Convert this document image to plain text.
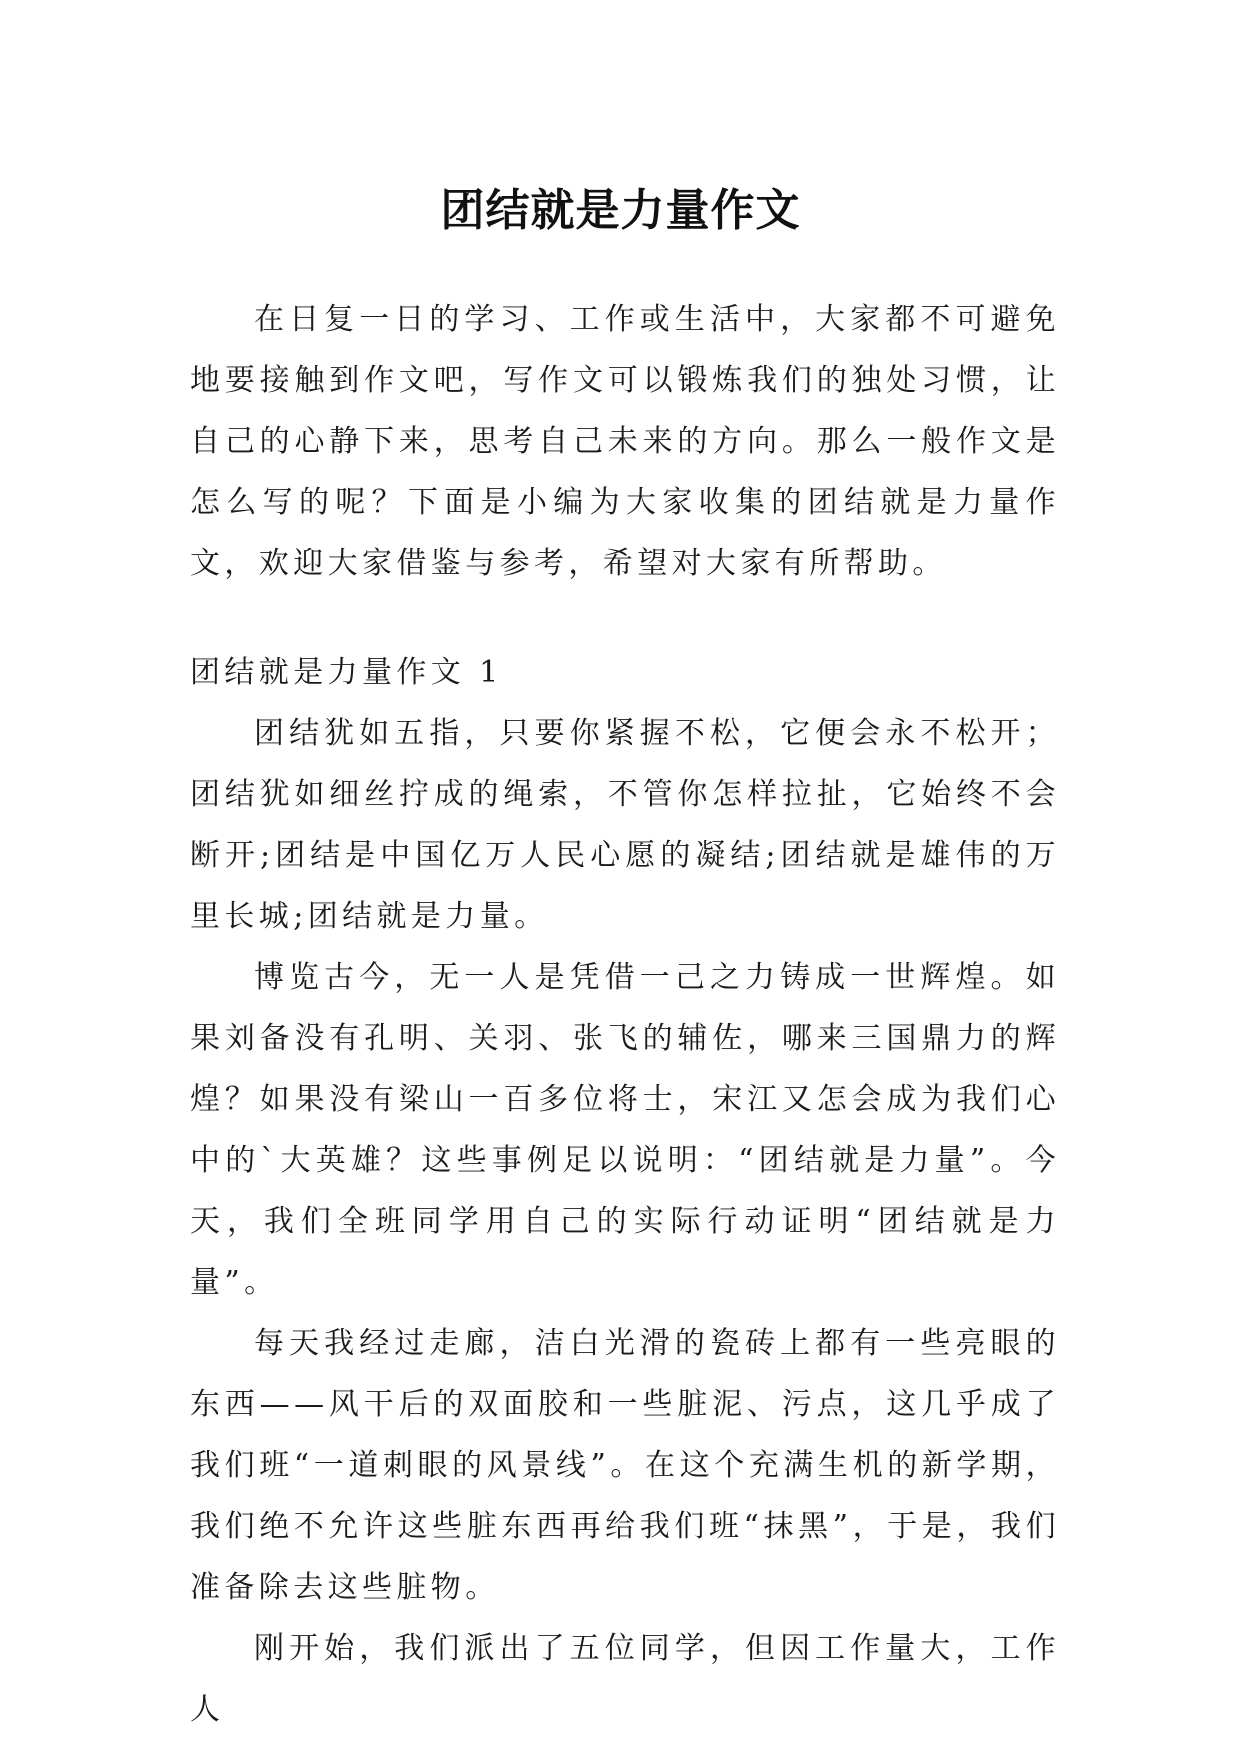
团结就是力量作文

在日复一日的学习、工作或生活中，大家都不可避免地要接触到作文吧，写作文可以锻炼我们的独处习惯，让自己的心静下来，思考自己未来的方向。那么一般作文是怎么写的呢？下面是小编为大家收集的团结就是力量作文，欢迎大家借鉴与参考，希望对大家有所帮助。

团结就是力量作文 1

团结犹如五指，只要你紧握不松，它便会永不松开；团结犹如细丝拧成的绳索，不管你怎样拉扯，它始终不会断开;团结是中国亿万人民心愿的凝结;团结就是雄伟的万里长城;团结就是力量。

博览古今，无一人是凭借一己之力铸成一世辉煌。如果刘备没有孔明、关羽、张飞的辅佐，哪来三国鼎力的辉煌？如果没有梁山一百多位将士，宋江又怎会成为我们心中的`大英雄？这些事例足以说明：“团结就是力量”。今天，我们全班同学用自己的实际行动证明“团结就是力量”。

每天我经过走廊，洁白光滑的瓷砖上都有一些亮眼的东西——风干后的双面胶和一些脏泥、污点，这几乎成了我们班“一道刺眼的风景线”。在这个充满生机的新学期，我们绝不允许这些脏东西再给我们班“抹黑”，于是，我们准备除去这些脏物。

刚开始，我们派出了五位同学，但因工作量大，工作人
